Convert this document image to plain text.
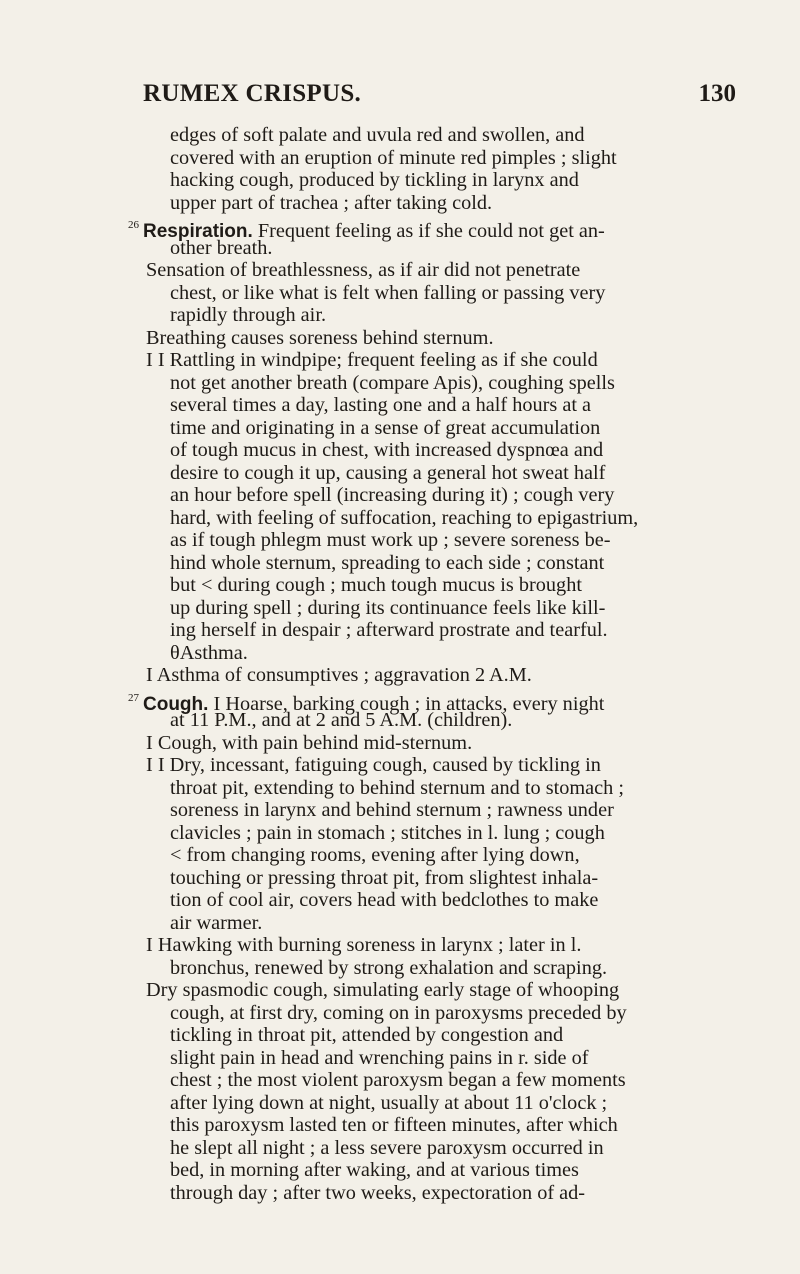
RUMEX CRISPUS.	130
edges of soft palate and uvula red and swollen, and
covered with an eruption of minute red pimples ; slight
hacking cough, produced by tickling in larynx and
upper part of trachea ; after taking cold.
$^{26}$ Respiration. Frequent feeling as if she could not get an-
other breath.
Sensation of breathlessness, as if air did not penetrate
chest, or like what is felt when falling or passing very
rapidly through air.
Breathing causes soreness behind sternum.
I I Rattling in windpipe; frequent feeling as if she could
not get another breath (compare Apis), coughing spells
several times a day, lasting one and a half hours at a
time and originating in a sense of great accumulation
of tough mucus in chest, with increased dyspnœa and
desire to cough it up, causing a general hot sweat half
an hour before spell (increasing during it) ; cough very
hard, with feeling of suffocation, reaching to epigastrium,
as if tough phlegm must work up ; severe soreness be-
hind whole sternum, spreading to each side ; constant
but < during cough ; much tough mucus is brought
up during spell ; during its continuance feels like kill-
ing herself in despair ; afterward prostrate and tearful.
θAsthma.
I Asthma of consumptives ; aggravation 2 A.M.
$^{27}$ Cough. I Hoarse, barking cough ; in attacks, every night
at 11 P.M., and at 2 and 5 A.M. (children).
I Cough, with pain behind mid-sternum.
I I Dry, incessant, fatiguing cough, caused by tickling in
throat pit, extending to behind sternum and to stomach ;
soreness in larynx and behind sternum ; rawness under
clavicles ; pain in stomach ; stitches in l. lung ; cough
< from changing rooms, evening after lying down,
touching or pressing throat pit, from slightest inhala-
tion of cool air, covers head with bedclothes to make
air warmer.
I Hawking with burning soreness in larynx ; later in l.
bronchus, renewed by strong exhalation and scraping.
Dry spasmodic cough, simulating early stage of whooping
cough, at first dry, coming on in paroxysms preceded by
tickling in throat pit, attended by congestion and
slight pain in head and wrenching pains in r. side of
chest ; the most violent paroxysm began a few moments
after lying down at night, usually at about 11 o'clock ;
this paroxysm lasted ten or fifteen minutes, after which
he slept all night ; a less severe paroxysm occurred in
bed, in morning after waking, and at various times
through day ; after two weeks, expectoration of ad-
